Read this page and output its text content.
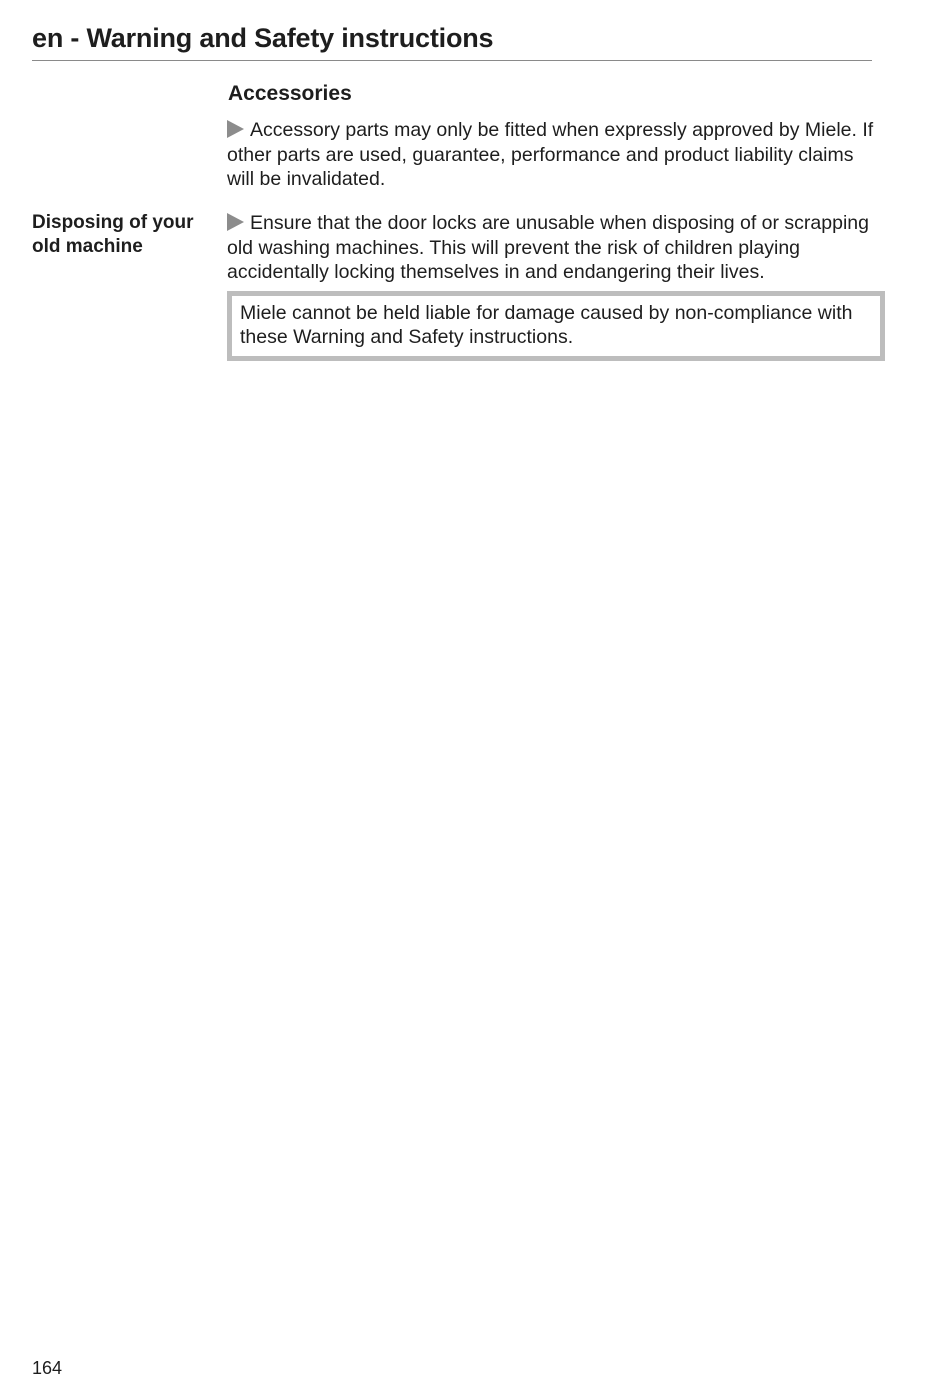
en - Warning and Safety instructions
Accessories

Accessory parts may only be fitted when expressly approved by Miele. If other parts are used, guarantee, performance and product liability claims will be invalidated.

Disposing of your old machine

Ensure that the door locks are unusable when disposing of or scrapping old washing machines. This will prevent the risk of children playing accidentally locking themselves in and endangering their lives.

Miele cannot be held liable for damage caused by non-compliance with these Warning and Safety instructions.
164
